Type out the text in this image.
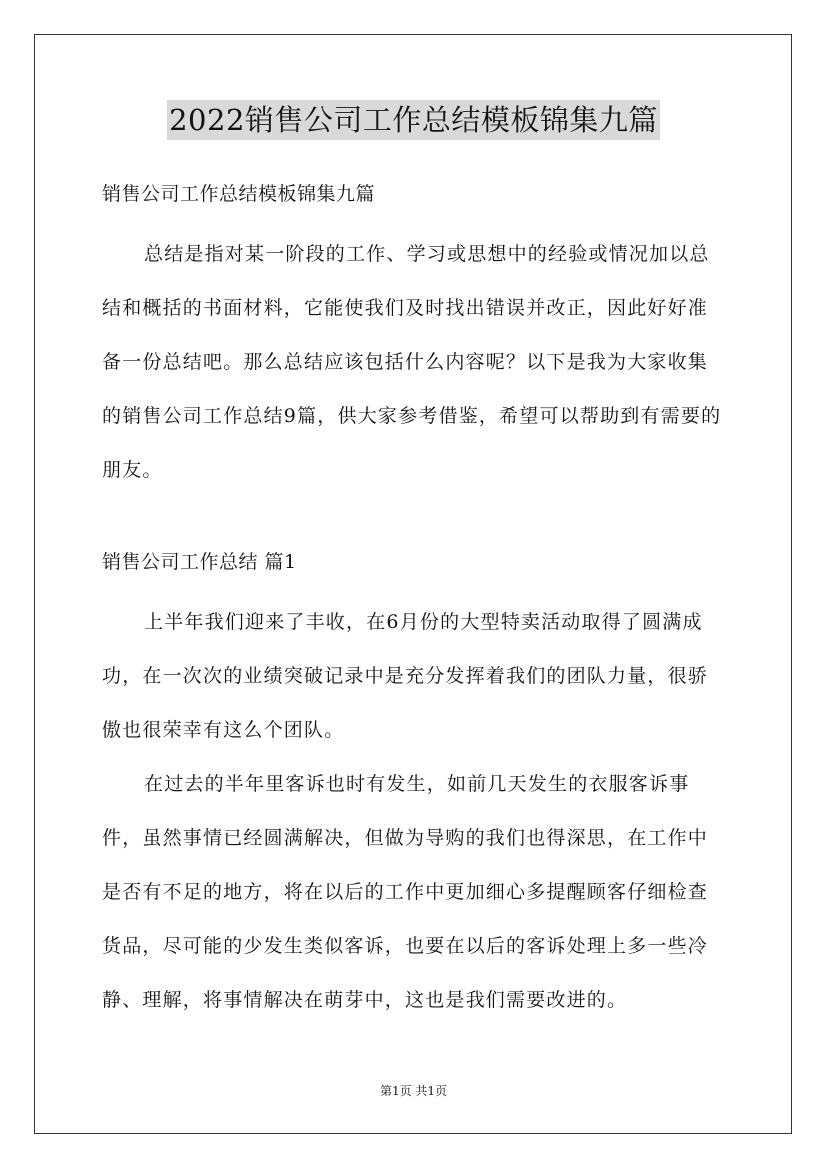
2022销售公司工作总结模板锦集九篇
销售公司工作总结模板锦集九篇

总结是指对某一阶段的工作、学习或思想中的经验或情况加以总结和概括的书面材料，它能使我们及时找出错误并改正，因此好好准备一份总结吧。那么总结应该包括什么内容呢？以下是我为大家收集的销售公司工作总结9篇，供大家参考借鉴，希望可以帮助到有需要的朋友。

销售公司工作总结 篇1

上半年我们迎来了丰收，在6月份的大型特卖活动取得了圆满成功，在一次次的业绩突破记录中是充分发挥着我们的团队力量，很骄傲也很荣幸有这么个团队。

在过去的半年里客诉也时有发生，如前几天发生的衣服客诉事件，虽然事情已经圆满解决，但做为导购的我们也得深思，在工作中是否有不足的地方，将在以后的工作中更加细心多提醒顾客仔细检查货品，尽可能的少发生类似客诉，也要在以后的客诉处理上多一些冷静、理解，将事情解决在萌芽中，这也是我们需要改进的。

第1页 共1页
